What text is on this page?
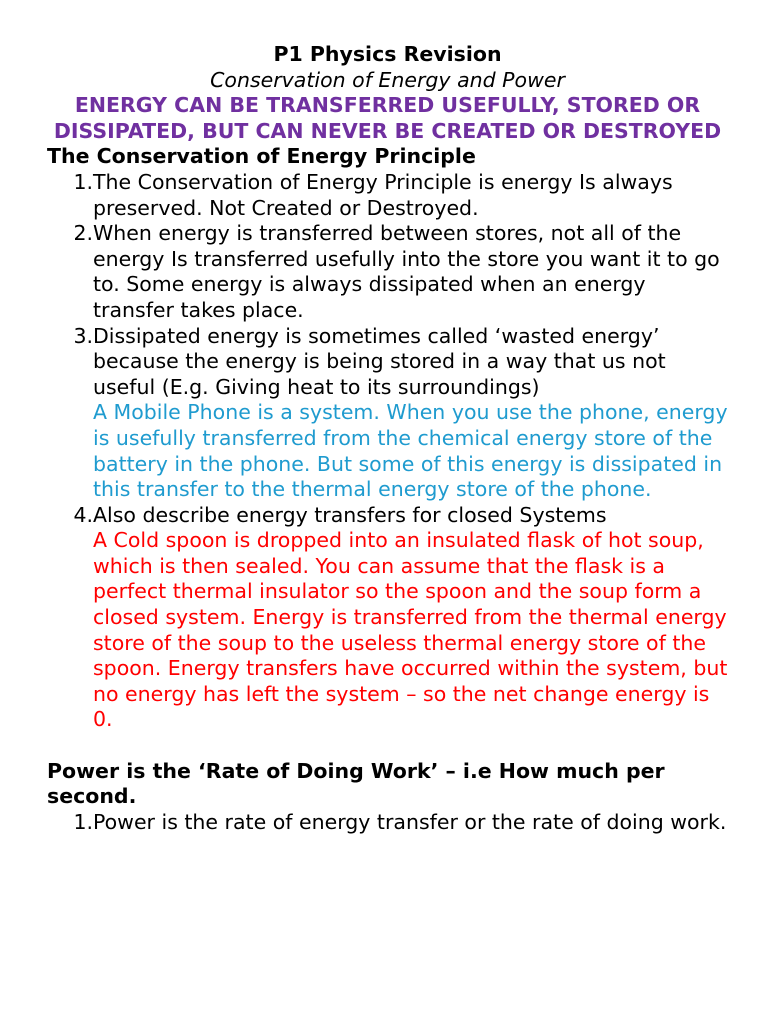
P1 Physics Revision

Conservation of Energy and Power

ENERGY CAN BE TRANSFERRED USEFULLY, STORED OR DISSIPATED, BUT CAN NEVER BE CREATED OR DESTROYED

The Conservation of Energy Principle

1. The Conservation of Energy Principle is energy Is always preserved. Not Created or Destroyed.
2. When energy is transferred between stores, not all of the energy Is transferred usefully into the store you want it to go to. Some energy is always dissipated when an energy transfer takes place.
3. Dissipated energy is sometimes called ‘wasted energy’ because the energy is being stored in a way that us not useful (E.g. Giving heat to its surroundings)
A Mobile Phone is a system. When you use the phone, energy is usefully transferred from the chemical energy store of the battery in the phone. But some of this energy is dissipated in this transfer to the thermal energy store of the phone.
4. Also describe energy transfers for closed Systems
A Cold spoon is dropped into an insulated flask of hot soup, which is then sealed. You can assume that the flask is a perfect thermal insulator so the spoon and the soup form a closed system. Energy is transferred from the thermal energy store of the soup to the useless thermal energy store of the spoon. Energy transfers have occurred within the system, but no energy has left the system – so the net change energy is 0.

Power is the ‘Rate of Doing Work’ – i.e How much per second.

1. Power is the rate of energy transfer or the rate of doing work.
